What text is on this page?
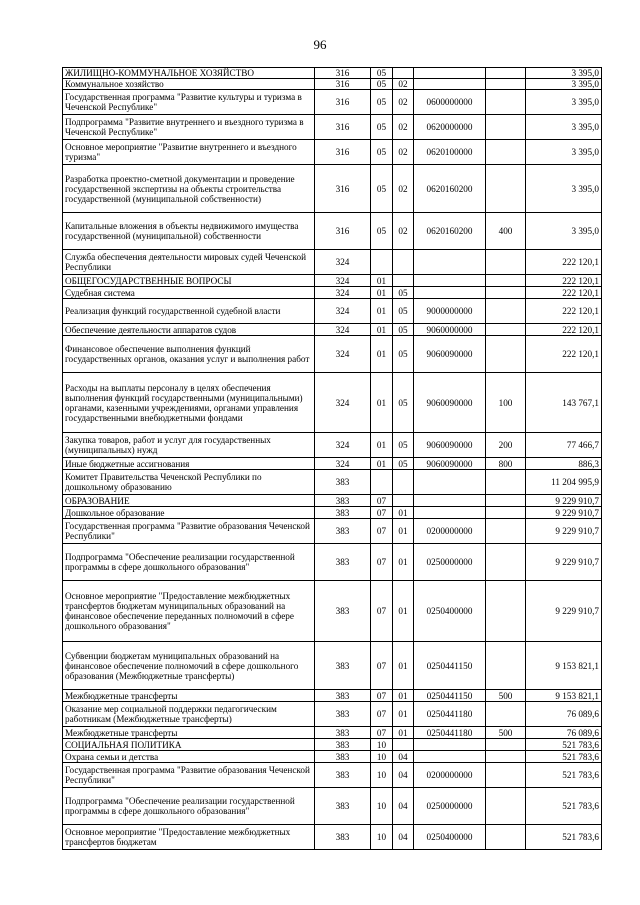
96
ЖИЛИЩНО-КОММУНАЛЬНОЕ ХОЗЯЙСТВО	316	05				3 395,0
Коммунальное хозяйство	316	05	02			3 395,0
Государственная программа "Развитие культуры и туризма в Чеченской Республике"	316	05	02	0600000000		3 395,0
Подпрограмма "Развитие внутреннего и въездного туризма в Чеченской Республике"	316	05	02	0620000000		3 395,0
Основное мероприятие "Развитие внутреннего и въездного туризма"	316	05	02	0620100000		3 395,0
Разработка проектно-сметной документации и проведение государственной экспертизы на объекты строительства государственной (муниципальной собственности)	316	05	02	0620160200		3 395,0
Капитальные вложения в объекты недвижимого имущества государственной (муниципальной) собственности	316	05	02	0620160200	400	3 395,0
Служба обеспечения деятельности мировых судей Чеченской Республики	324					222 120,1
ОБЩЕГОСУДАРСТВЕННЫЕ ВОПРОСЫ	324	01				222 120,1
Судебная система	324	01	05			222 120,1
Реализация функций государственной судебной власти	324	01	05	9000000000		222 120,1
Обеспечение деятельности аппаратов судов	324	01	05	9060000000		222 120,1
Финансовое обеспечение выполнения функций государственных органов, оказания услуг и выполнения работ	324	01	05	9060090000		222 120,1
Расходы на выплаты персоналу в целях обеспечения выполнения функций государственными (муниципальными) органами, казенными учреждениями, органами управления государственными внебюджетными фондами	324	01	05	9060090000	100	143 767,1
Закупка товаров, работ и услуг для государственных (муниципальных) нужд	324	01	05	9060090000	200	77 466,7
Иные бюджетные ассигнования	324	01	05	9060090000	800	886,3
Комитет Правительства Чеченской Республики по дошкольному образованию	383					11 204 995,9
ОБРАЗОВАНИЕ	383	07				9 229 910,7
Дошкольное образование	383	07	01			9 229 910,7
Государственная программа "Развитие образования Чеченской Республики"	383	07	01	0200000000		9 229 910,7
Подпрограмма "Обеспечение реализации государственной программы в сфере дошкольного образования"	383	07	01	0250000000		9 229 910,7
Основное мероприятие "Предоставление межбюджетных трансфертов бюджетам муниципальных образований на финансовое обеспечение переданных полномочий в сфере дошкольного образования"	383	07	01	0250400000		9 229 910,7
Субвенции бюджетам муниципальных образований на финансовое обеспечение полномочий в сфере дошкольного образования (Межбюджетные трансферты)	383	07	01	0250441150		9 153 821,1
Межбюджетные трансферты	383	07	01	0250441150	500	9 153 821,1
Оказание мер социальной поддержки педагогическим работникам (Межбюджетные трансферты)	383	07	01	0250441180		76 089,6
Межбюджетные трансферты	383	07	01	0250441180	500	76 089,6
СОЦИАЛЬНАЯ ПОЛИТИКА	383	10				521 783,6
Охрана семьи и детства	383	10	04			521 783,6
Государственная программа "Развитие образования Чеченской Республики"	383	10	04	0200000000		521 783,6
Подпрограмма "Обеспечение реализации государственной программы в сфере дошкольного образования"	383	10	04	0250000000		521 783,6
Основное мероприятие "Предоставление межбюджетных трансфертов бюджетам	383	10	04	0250400000		521 783,6
